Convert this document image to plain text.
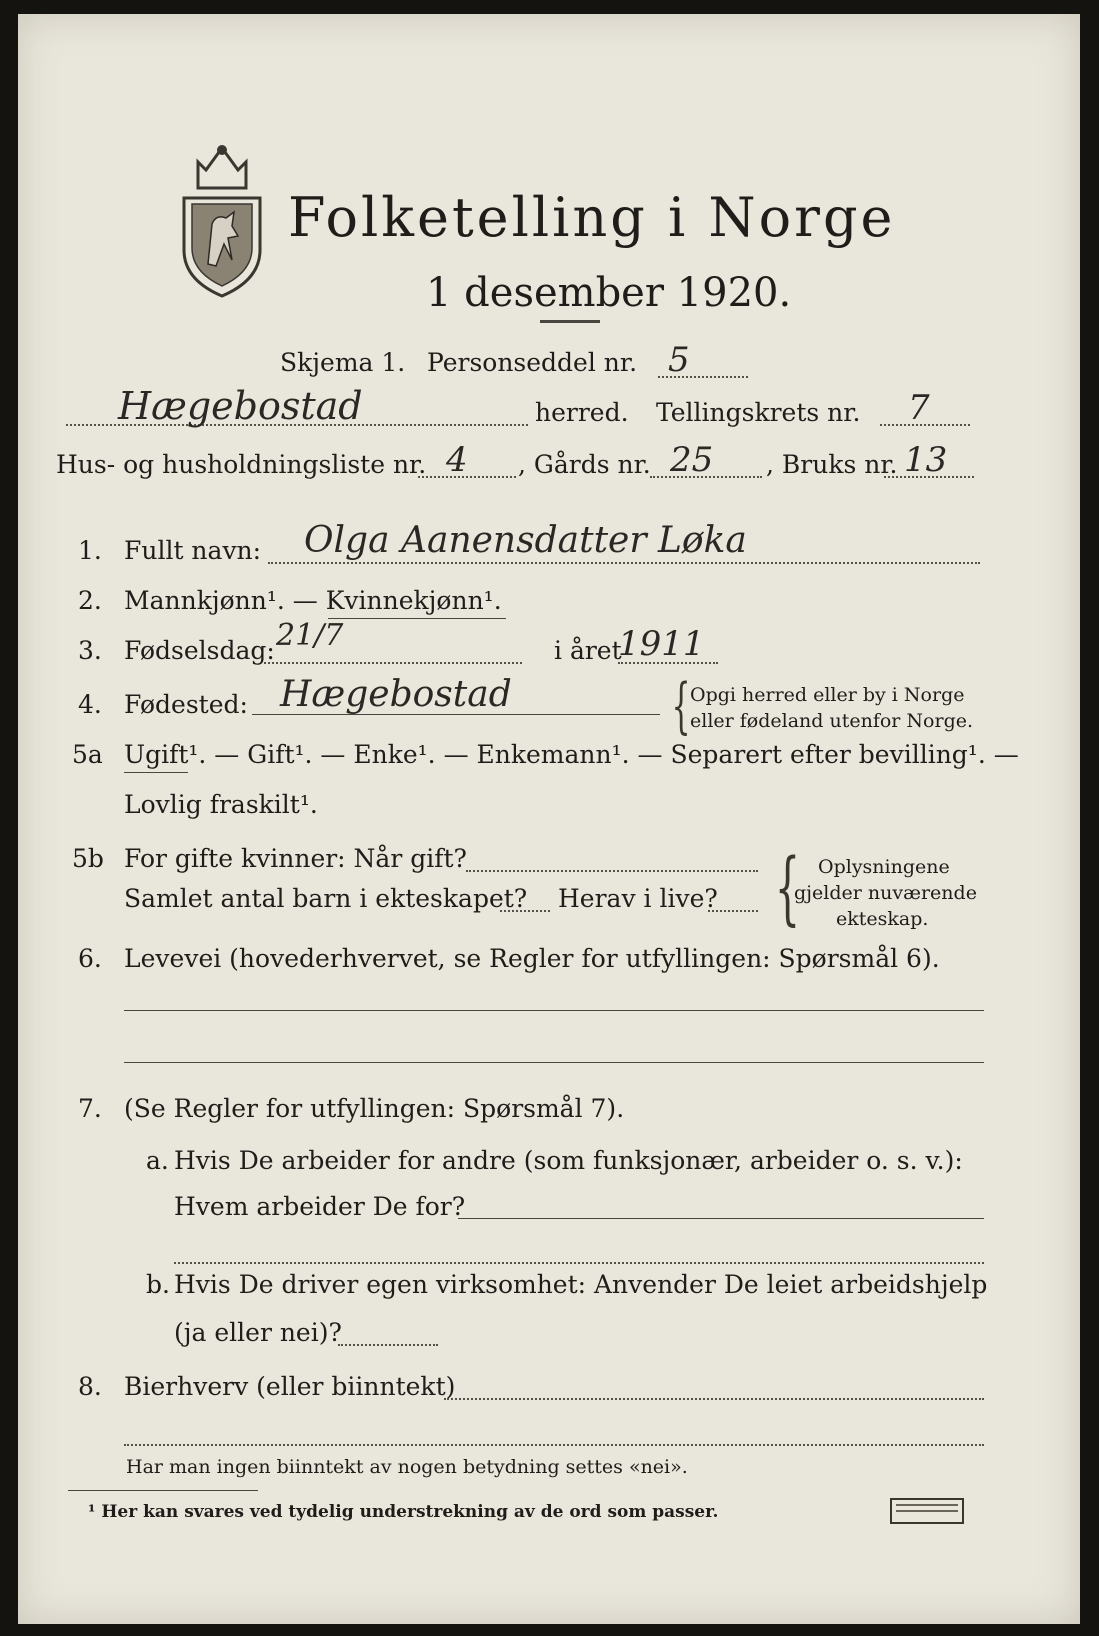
Folketelling i Norge
1 desember 1920.
Skjema 1. Personseddel nr. 5
Hægebostad	herred. Tellingskrets nr. 7
Hus- og husholdningsliste nr. 4 , Gårds nr. 25 , Bruks nr. 13
1. Fullt navn: Olga Aanensdatter Løka
2. Mannkjønn¹. — Kvinnekjønn¹.
3. Fødselsdag: 21/7	i året
1911
4. Fødested: Hægebostad	{ Opgi herred eller by i Norge
eller fødeland utenfor Norge.
5a Ugift¹. — Gift¹. — Enke¹. — Enkemann¹. — Separert efter bevilling¹. —
Lovlig fraskilt¹.
5b For gifte kvinner: Når gift?
Samlet antal barn i ekteskapet? Herav i live? { Oplysningene
gjelder nuværende
ekteskap.
6. Levevei (hovederhvervet, se Regler for utfyllingen: Spørsmål 6).
7. (Se Regler for utfyllingen: Spørsmål 7).
a. Hvis De arbeider for andre (som funksjonær, arbeider o. s. v.):
Hvem arbeider De for?
b. Hvis De driver egen virksomhet: Anvender De leiet arbeidshjelp
(ja eller nei)?
8. Bierhverv (eller biinntekt)
Har man ingen biinntekt av nogen betydning settes «nei».
¹ Her kan svares ved tydelig understrekning av de ord som passer.
